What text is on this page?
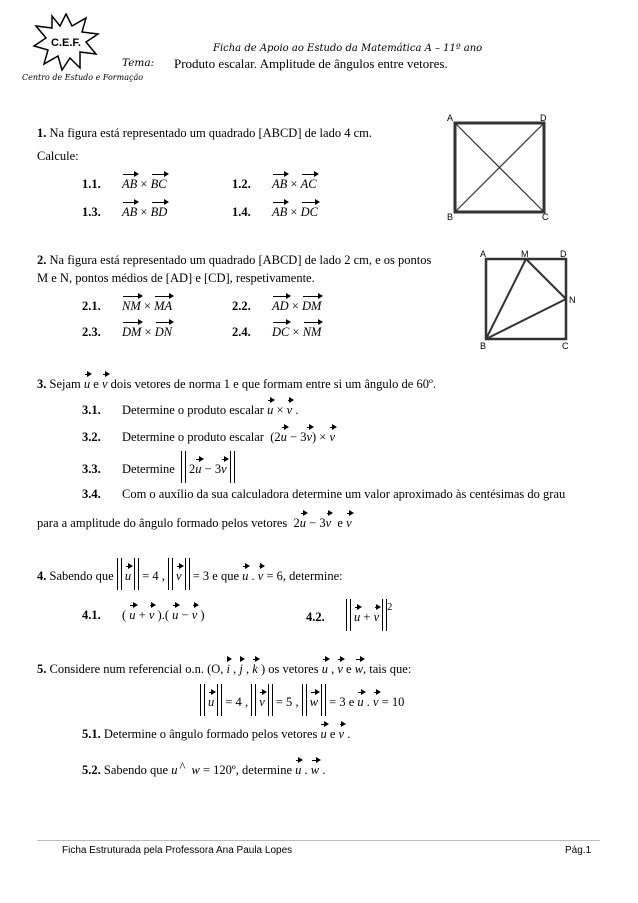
C.E.F.
Centro de Estudo e Formação
Ficha de Apoio ao Estudo da Matemática A – 11º ano
Tema: Produto escalar. Amplitude de ângulos entre vetores.
1. Na figura está representado um quadrado [ABCD] de lado 4 cm.
Calcule:
1.1. AB × BC	1.2. AB × AC
1.3. AB × BD	1.4. AB × DC
A	D
B	C
2. Na figura está representado um quadrado [ABCD] de lado 2 cm, e os pontos
M e N, pontos médios de [AD] e [CD], respetivamente.
2.1. NM × MA	2.2. AD × DM
2.3. DM × DN	2.4. DC × NM
A	M	D
N
B	C
3. Sejam u e v dois vetores de norma 1 e que formam entre si um ângulo de 60º.
3.1. Determine o produto escalar u × v .
3.2. Determine o produto escalar  (2u − 3v) × v
3.3. Determine 2u − 3v
3.4. Com o auxílio da sua calculadora determine um valor aproximado às centésimas do grau
para a amplitude do ângulo formado pelos vetores  2u − 3v  e v
4. Sabendo que u = 4 , v = 3 e que u . v = 6, determine:
4.1. ( u + v ).( u − v )	4.2. $u + v^2$
5. Considere num referencial o.n. (O, i , j , k ) os vetores u , v e w, tais que:
u = 4 , v = 5 , w = 3 e u . v = 10
5.1. Determine o ângulo formado pelos vetores u e v .
5.2. Sabendo que u ^ w = 120º, determine u . w .
Ficha Estruturada pela Professora Ana Paula Lopes	Pág.1
